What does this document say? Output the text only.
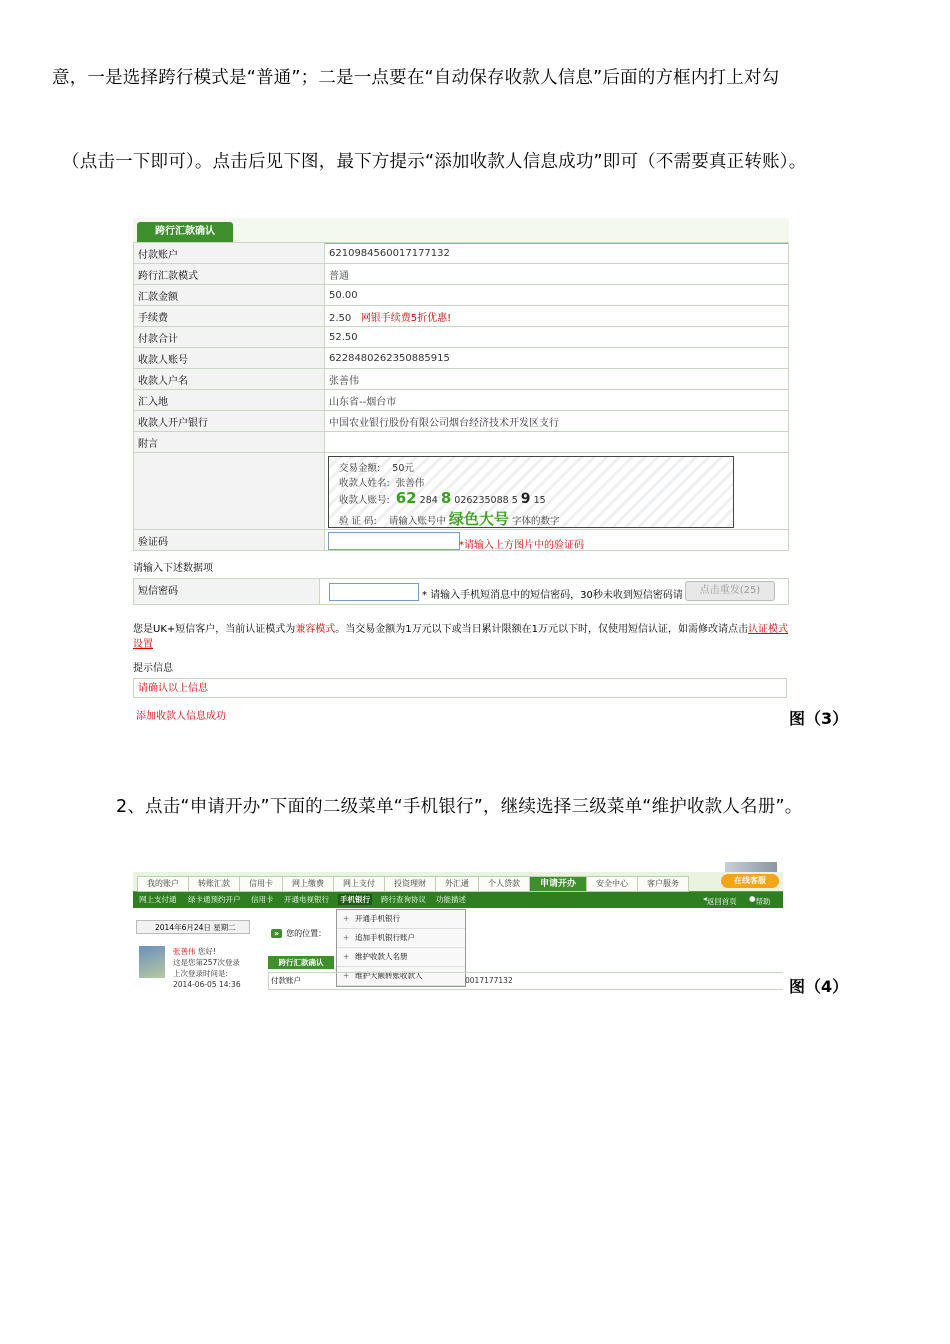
意，一是选择跨行模式是“普通”；二是一点要在“自动保存收款人信息”后面的方框内打上对勾
（点击一下即可）。点击后见下图，最下方提示“添加收款人信息成功”即可（不需要真正转账）。
跨行汇款确认
付款账户	6210984560017177132
跨行汇款模式	普通
汇款金额	50.00
手续费	2.50 网银手续费5折优惠!
付款合计	52.50
收款人账号	6228480262350885915
收款人户名	张善伟
汇入地	山东省--烟台市
收款人开户银行	中国农业银行股份有限公司烟台经济技术开发区支行
附言	

验证码	
交易金额: 50元
收款人姓名: 张善伟
收款人账号: 62 284 8 026235088 5 9 15
验 证 码: 请输入账号中 绿色大号 字体的数字
*请输入上方图片中的验证码
请输入下述数据项
短信密码	* 请输入手机短消息中的短信密码，30秒未收到短信密码请	点击重发(25)
您是UK+短信客户，当前认证模式为兼容模式。当交易金额为1万元以下或当日累计限额在1万元以下时，仅使用短信认证，如需修改请点击认证模式设置
提示信息
请确认以上信息
添加收款人信息成功	图（3）
2、点击“申请开办”下面的二级菜单“手机银行”，继续选择三级菜单“维护收款人名册”。
我的账户	转账汇款	信用卡	网上缴费	网上支付	投资理财	外汇通	个人贷款	申请开办	安全中心	客户服务	在线客服
网上支付通 绿卡通预约开户 信用卡 开通电视银行 手机银行 跨行查询协议 功能描述	◂ 返回首页 ● 帮助
+ 开通手机银行
+ 追加手机银行账户
+ 维护收款人名册
+ 维护大额转账收款人
2014年6月24日 星期二
张善伟 您好!
这是您第257次登录
上次登录时间是:
2014-06-05 14:36
» 您的位置：
跨行汇款确认
付款账户	0017177132	图（4）
